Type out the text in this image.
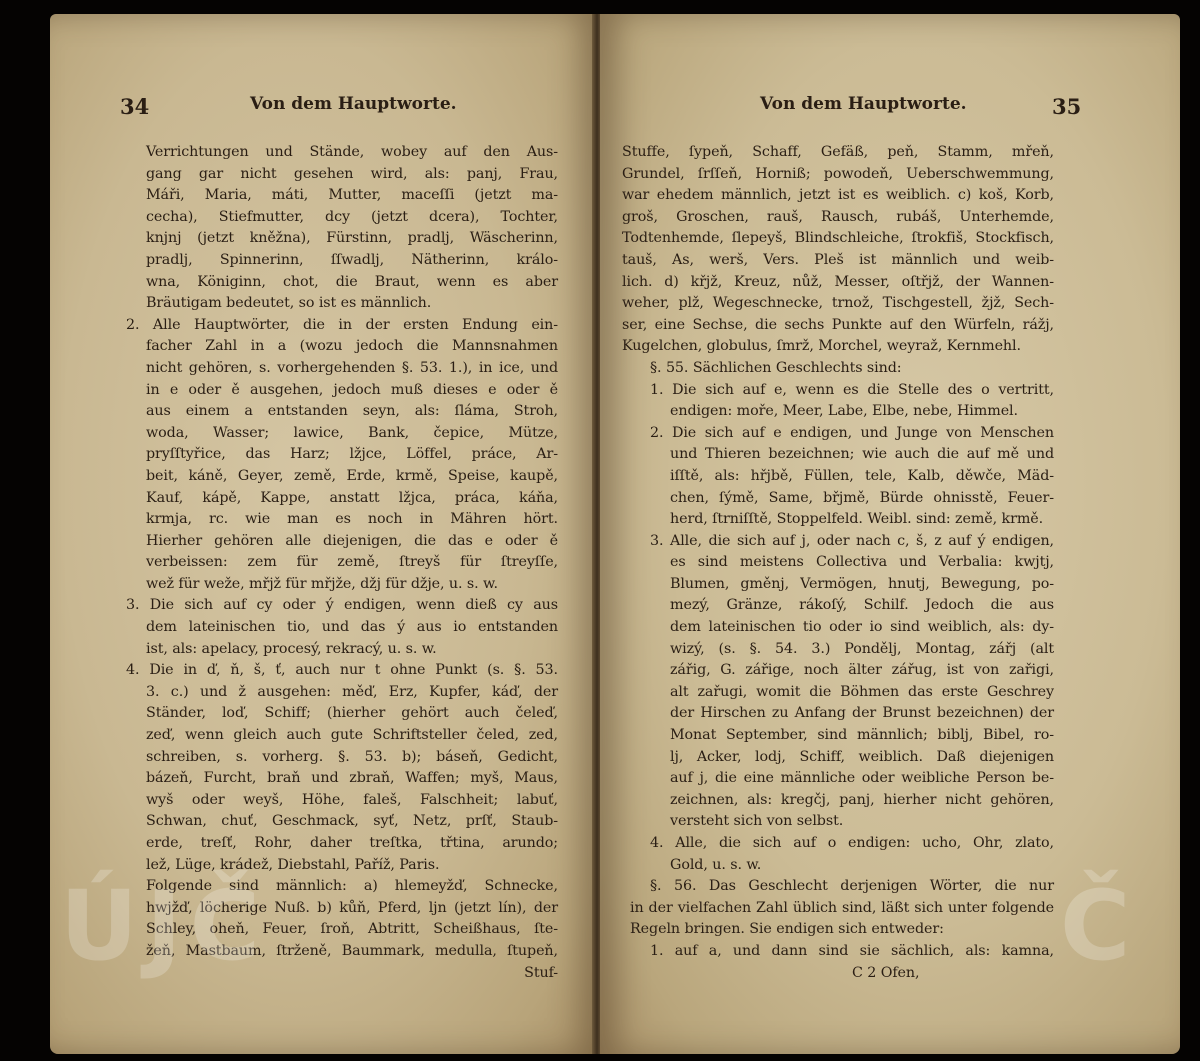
34	Von dem Hauptworte.
Verrichtungen und Stände, wobey auf den Aus-
gang gar nicht gesehen wird, als: panj, Frau,
Máři, Maria, máti, Mutter, maceſſi (jetzt ma-
cecha), Stiefmutter, dcy (jetzt dcera), Tochter,
knjnj (jetzt kněžna), Fürstinn, pradlj, Wäscherinn,
pradlj, Spinnerinn, ſſwadlj, Nätherinn, králo-
wna, Königinn, chot, die Braut, wenn es aber
Bräutigam bedeutet, so ist es männlich.
2. Alle Hauptwörter, die in der ersten Endung ein-
facher Zahl in a (wozu jedoch die Mannsnahmen
nicht gehören, s. vorhergehenden §. 53. 1.), in ice, und
in e oder ě ausgehen, jedoch muß dieses e oder ě
aus einem a entstanden seyn, als: ſláma, Stroh,
woda, Wasser; lawice, Bank, čepice, Mütze,
pryſſtyřice, das Harz; lžjce, Löffel, práce, Ar-
beit, káně, Geyer, země, Erde, krmě, Speise, kaupě,
Kauf, kápě, Kappe, anstatt lžjca, práca, káňa,
krmja, rc. wie man es noch in Mähren hört.
Hierher gehören alle diejenigen, die das e oder ě
verbeissen: zem für země, ſtreyš für ſtreyſſe,
wež für weže, mřjž für mřjže, džj für džje, u. s. w.
3. Die sich auf cy oder ý endigen, wenn dieß cy aus
dem lateinischen tio, und das ý aus io entstanden
ist, als: apelacy, procesý, rekracý, u. s. w.
4. Die in ď, ň, š, ť, auch nur t ohne Punkt (s. §. 53.
3. c.) und ž ausgehen: měď, Erz, Kupfer, káď, der
Ständer, loď, Schiff; (hierher gehört auch čeleď,
zeď, wenn gleich auch gute Schriftsteller čeled, zed,
schreiben, s. vorherg. §. 53. b); báseň, Gedicht,
bázeň, Furcht, braň und zbraň, Waffen; myš, Maus,
wyš oder weyš, Höhe, faleš, Falschheit; labuť,
Schwan, chuť, Geschmack, syť, Netz, prſť, Staub-
erde, treſť, Rohr, daher treſtka, třtina, arundo;
lež, Lüge, krádež, Diebstahl, Paříž, Paris.
Folgende sind männlich: a) hlemeyžď, Schnecke,
hwjžď, löcherige Nuß. b) kůň, Pferd, ljn (jetzt lín), der
Schley, oheň, Feuer, ſroň, Abtritt, Scheißhaus, ſte-
žeň, Mastbaum, ſtrženě, Baummark, medulla, ſtupeň,
Stuf-
Von dem Hauptworte.	35
Stuffe, ſypeň, Schaff, Gefäß, peň, Stamm, mřeň,
Grundel, ſrſſeň, Horniß; powodeň, Ueberschwemmung,
war ehedem männlich, jetzt ist es weiblich. c) koš, Korb,
groš, Groschen, rauš, Rausch, rubáš, Unterhemde,
Todtenhemde, ſlepeyš, Blindschleiche, ſtrokfiš, Stockfisch,
tauš, As, werš, Vers. Pleš ist männlich und weib-
lich. d) křjž, Kreuz, nůž, Messer, oſtřjž, der Wannen-
weher, plž, Wegeschnecke, trnož, Tischgestell, žjž, Sech-
ser, eine Sechse, die sechs Punkte auf den Würfeln, rážj,
Kugelchen, globulus, ſmrž, Morchel, weyraž, Kernmehl.
§. 55. Sächlichen Geschlechts sind:
1. Die sich auf e, wenn es die Stelle des o vertritt,
endigen: moře, Meer, Labe, Elbe, nebe, Himmel.
2. Die sich auf e endigen, und Junge von Menschen
und Thieren bezeichnen; wie auch die auf mě und
iſſtě, als: hřjbě, Füllen, tele, Kalb, děwče, Mäd-
chen, ſýmě, Same, břjmě, Bürde ohnisstě, Feuer-
herd, ſtrniſſtě, Stoppelfeld. Weibl. sind: země, krmě.
3. Alle, die sich auf j, oder nach c, š, z auf ý endigen,
es sind meistens Collectiva und Verbalia: kwjtj,
Blumen, gměnj, Vermögen, hnutj, Bewegung, po-
mezý, Gränze, rákoſý, Schilf. Jedoch die aus
dem lateinischen tio oder io sind weiblich, als: dy-
wizý, (s. §. 54. 3.) Pondělj, Montag, zářj (alt
zářig, G. zářige, noch älter zářug, ist von zařigi,
alt zařugi, womit die Böhmen das erste Geschrey
der Hirschen zu Anfang der Brunst bezeichnen) der
Monat September, sind männlich; biblj, Bibel, ro-
lj, Acker, lodj, Schiff, weiblich. Daß diejenigen
auf j, die eine männliche oder weibliche Person be-
zeichnen, als: kregčj, panj, hierher nicht gehören,
versteht sich von selbst.
4. Alle, die sich auf o endigen: ucho, Ohr, zlato,
Gold, u. s. w.
§. 56. Das Geschlecht derjenigen Wörter, die nur
in der vielfachen Zahl üblich sind, läßt sich unter folgende
Regeln bringen. Sie endigen sich entweder:
1. auf a, und dann sind sie sächlich, als: kamna,
C 2 Ofen,
ÚJČ	Č
